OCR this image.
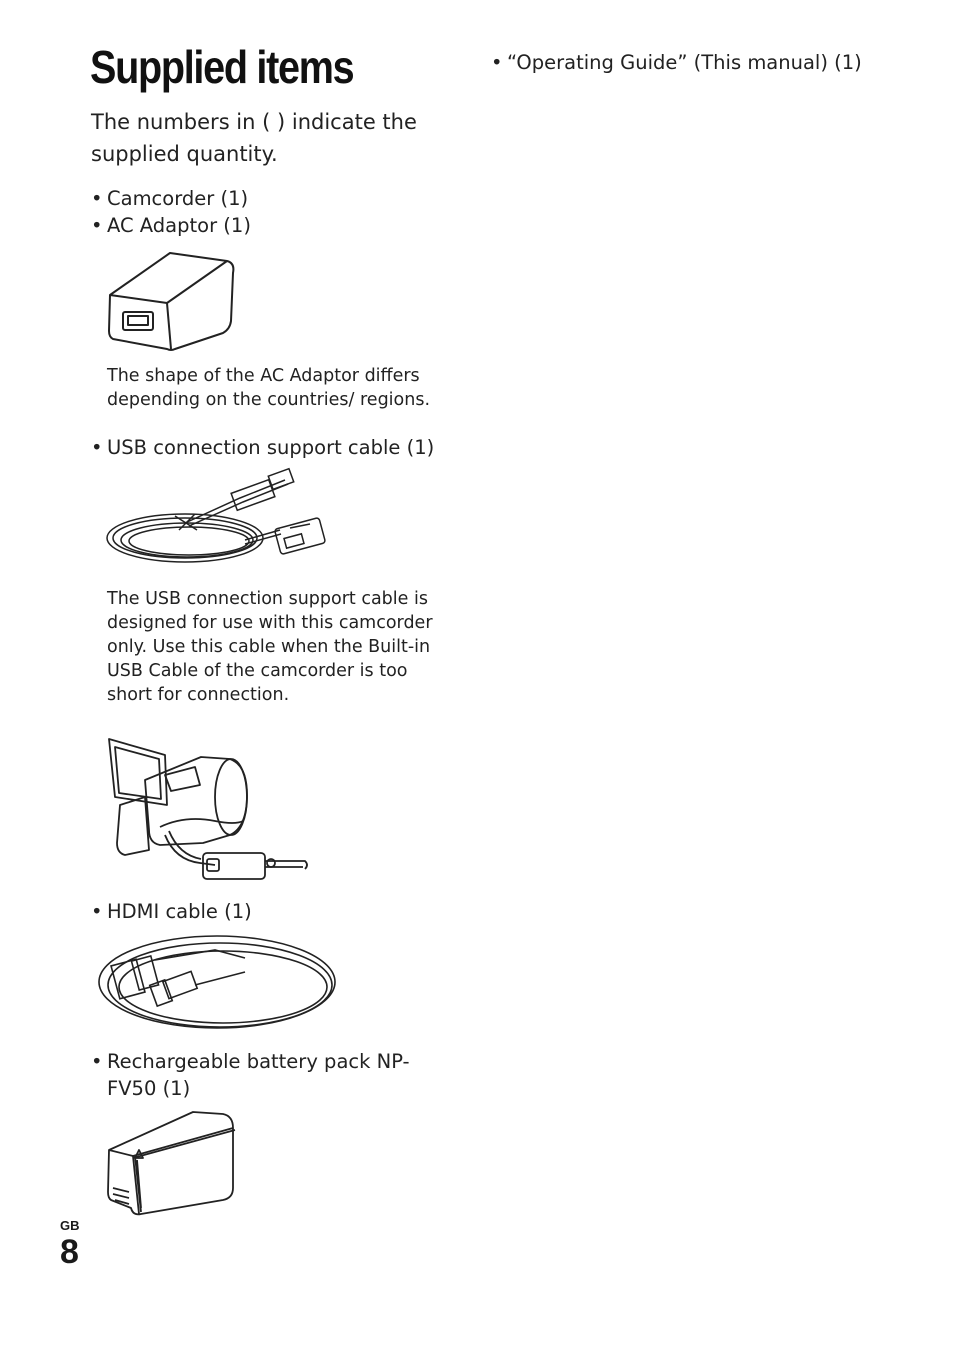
Supplied items

The numbers in ( ) indicate the supplied quantity.

• Camcorder (1)
• AC Adaptor (1)

The shape of the AC Adaptor differs depending on the countries/ regions.

• USB connection support cable (1)

The USB connection support cable is designed for use with this camcorder only. Use this cable when the Built-in USB Cable of the camcorder is too short for connection.

• HDMI cable (1)
• Rechargeable battery pack NP-FV50 (1)
• “Operating Guide” (This manual) (1)
GB
8
